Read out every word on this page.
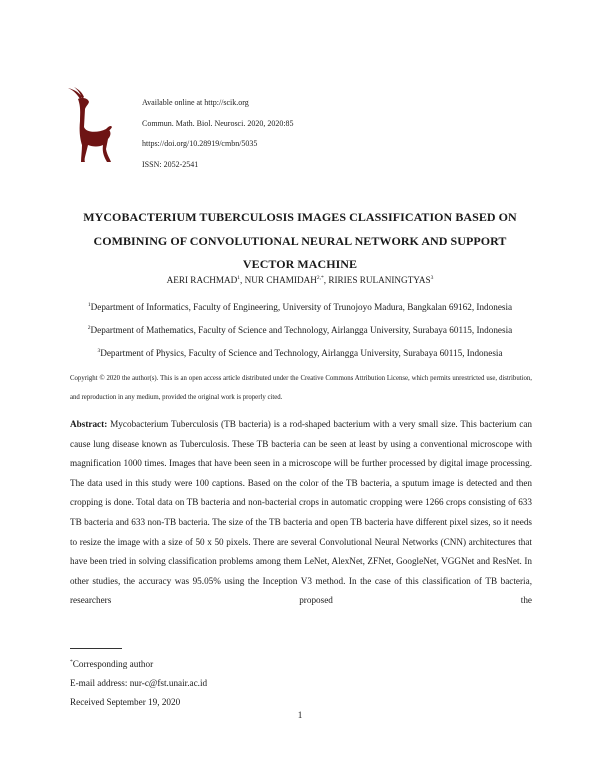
Available online at http://scik.org
Commun. Math. Biol. Neurosci. 2020, 2020:85
https://doi.org/10.28919/cmbn/5035
ISSN: 2052-2541
MYCOBACTERIUM TUBERCULOSIS IMAGES CLASSIFICATION BASED ON
COMBINING OF CONVOLUTIONAL NEURAL NETWORK AND SUPPORT
VECTOR MACHINE
AERI RACHMAD$^1$, NUR $CHAMIDAH^{2,*}$, RIRIES RULANINGTYAS$^3$
$^1$Department of Informatics, Faculty of Engineering, University of Trunojoyo Madura, Bangkalan 69162, Indonesia
$^2$Department of Mathematics, Faculty of Science and Technology, Airlangga University, Surabaya 60115, Indonesia
$^3$Department of Physics, Faculty of Science and Technology, Airlangga University, Surabaya 60115, Indonesia
Copyright © 2020 the author(s). This is an open access article distributed under the Creative Commons Attribution License, which permits unrestricted use, distribution, and reproduction in any medium, provided the original work is properly cited.
Abstract: Mycobacterium Tuberculosis (TB bacteria) is a rod-shaped bacterium with a very small size. This bacterium can cause lung disease known as Tuberculosis. These TB bacteria can be seen at least by using a conventional microscope with magnification 1000 times. Images that have been seen in a microscope will be further processed by digital image processing. The data used in this study were 100 captions. Based on the color of the TB bacteria, a sputum image is detected and then cropping is done. Total data on TB bacteria and non-bacterial crops in automatic cropping were 1266 crops consisting of 633 TB bacteria and 633 non-TB bacteria. The size of the TB bacteria and open TB bacteria have different pixel sizes, so it needs to resize the image with a size of 50 x 50 pixels. There are several Convolutional Neural Networks (CNN) architectures that have been tried in solving classification problems among them LeNet, AlexNet, ZFNet, GoogleNet, VGGNet and ResNet. In other studies, the accuracy was 95.05% using the Inception V3 method. In the case of this classification of TB bacteria, researchers proposed the
*Corresponding author
E-mail address: nur-c@fst.unair.ac.id
Received September 19, 2020
1
